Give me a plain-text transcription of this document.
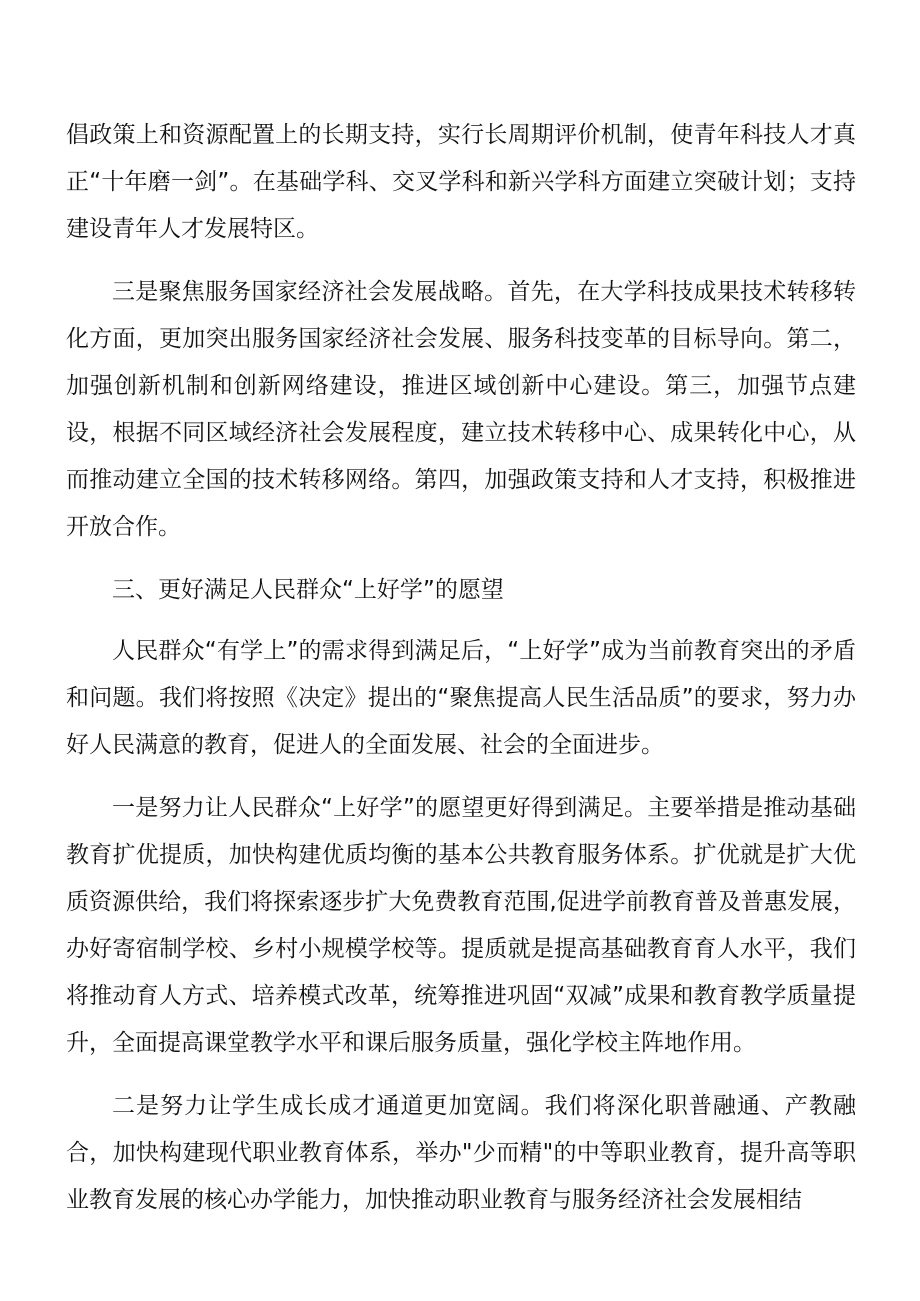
倡政策上和资源配置上的长期支持，实行长周期评价机制，使青年科技人才真正“十年磨一剑”。在基础学科、交叉学科和新兴学科方面建立突破计划；支持建设青年人才发展特区。

三是聚焦服务国家经济社会发展战略。首先，在大学科技成果技术转移转化方面，更加突出服务国家经济社会发展、服务科技变革的目标导向。第二，加强创新机制和创新网络建设，推进区域创新中心建设。第三，加强节点建设，根据不同区域经济社会发展程度，建立技术转移中心、成果转化中心，从而推动建立全国的技术转移网络。第四，加强政策支持和人才支持，积极推进开放合作。

三、更好满足人民群众“上好学”的愿望

人民群众“有学上”的需求得到满足后，“上好学”成为当前教育突出的矛盾和问题。我们将按照《决定》提出的“聚焦提高人民生活品质”的要求，努力办好人民满意的教育，促进人的全面发展、社会的全面进步。

一是努力让人民群众“上好学”的愿望更好得到满足。主要举措是推动基础教育扩优提质，加快构建优质均衡的基本公共教育服务体系。扩优就是扩大优质资源供给，我们将探索逐步扩大免费教育范围,促进学前教育普及普惠发展，办好寄宿制学校、乡村小规模学校等。提质就是提高基础教育育人水平，我们将推动育人方式、培养模式改革，统筹推进巩固“双减”成果和教育教学质量提升，全面提高课堂教学水平和课后服务质量，强化学校主阵地作用。

二是努力让学生成长成才通道更加宽阔。我们将深化职普融通、产教融合，加快构建现代职业教育体系，举办"少而精"的中等职业教育，提升高等职业教育发展的核心办学能力，加快推动职业教育与服务经济社会发展相结
